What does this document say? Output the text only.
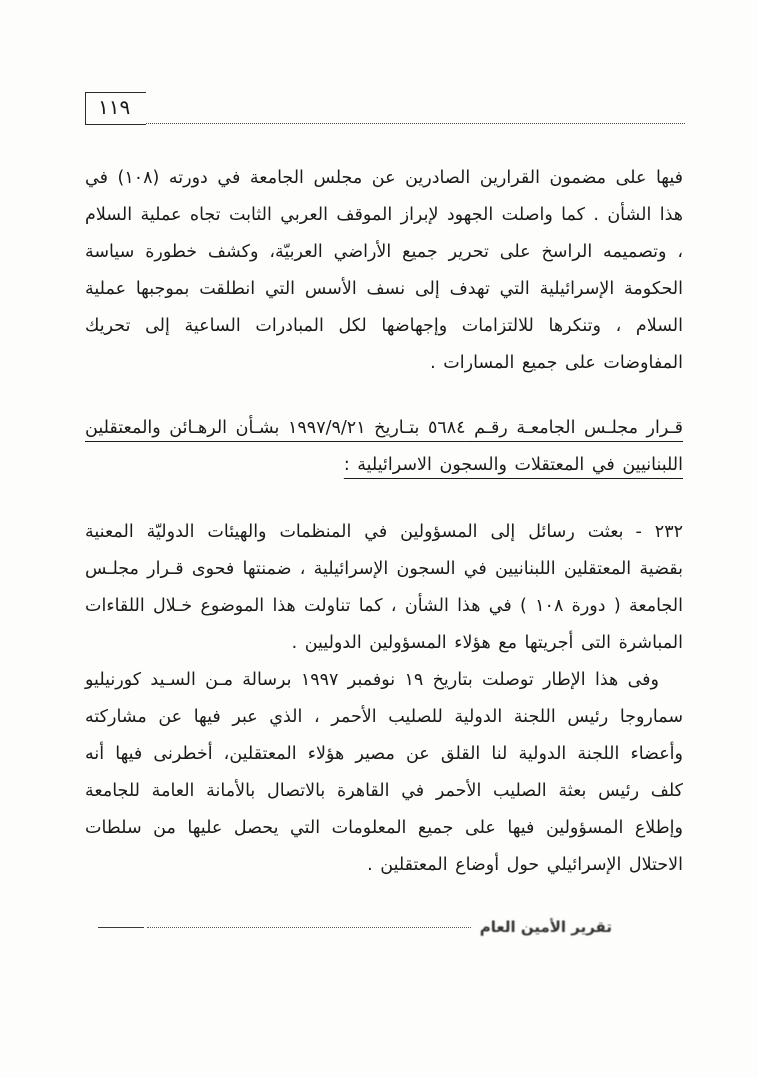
١١٩

فيها على مضمون القرارين الصادرين عن مجلس الجامعة في دورته (١٠٨) في هذا الشأن . كما واصلت الجهود لإبراز الموقف العربي الثابت تجاه عملية السلام ، وتصميمه الراسخ على تحرير جميع الأراضي العربيّة، وكشف خطورة سياسة الحكومة الإسرائيلية التي تهدف إلى نسف الأسس التي انطلقت بموجبها عملية السلام ، وتنكرها للالتزامات وإجهاضها لكل المبادرات الساعية إلى تحريك المفاوضات على جميع المسارات .

قـرار مجلـس الجامعـة رقـم ٥٦٨٤ بتـاريخ ١٩٩٧/٩/٢١ بشـأن الرهـائن والمعتقلين اللبنانيين في المعتقلات والسجون الاسرائيلية :

٢٣٢ -بعثت رسائل إلى المسؤولين في المنظمات والهيئات الدوليّة المعنية بقضية المعتقلين اللبنانيين في السجون الإسرائيلية ، ضمنتها فحوى قـرار مجلـس الجامعة ( دورة ١٠٨ ) في هذا الشأن ، كما تناولت هذا الموضوع خـلال اللقاءات المباشرة التى أجريتها مع هؤلاء المسؤولين الدوليين .

وفى هذا الإطار توصلت بتاريخ ١٩ نوفمبر ١٩٩٧ برسالة مـن السـيد كورنيليو سماروجا رئيس اللجنة الدولية للصليب الأحمر ، الذي عبر فيها عن مشاركته وأعضاء اللجنة الدولية لنا القلق عن مصير هؤلاء المعتقلين، أخطرنى فيها أنه كلف رئيس بعثة الصليب الأحمر في القاهرة بالاتصال بالأمانة العامة للجامعة وإطلاع المسؤولين فيها على جميع المعلومات التي يحصل عليها من سلطات الاحتلال الإسرائيلي حول أوضاع المعتقلين .

تقرير الأمين العام
